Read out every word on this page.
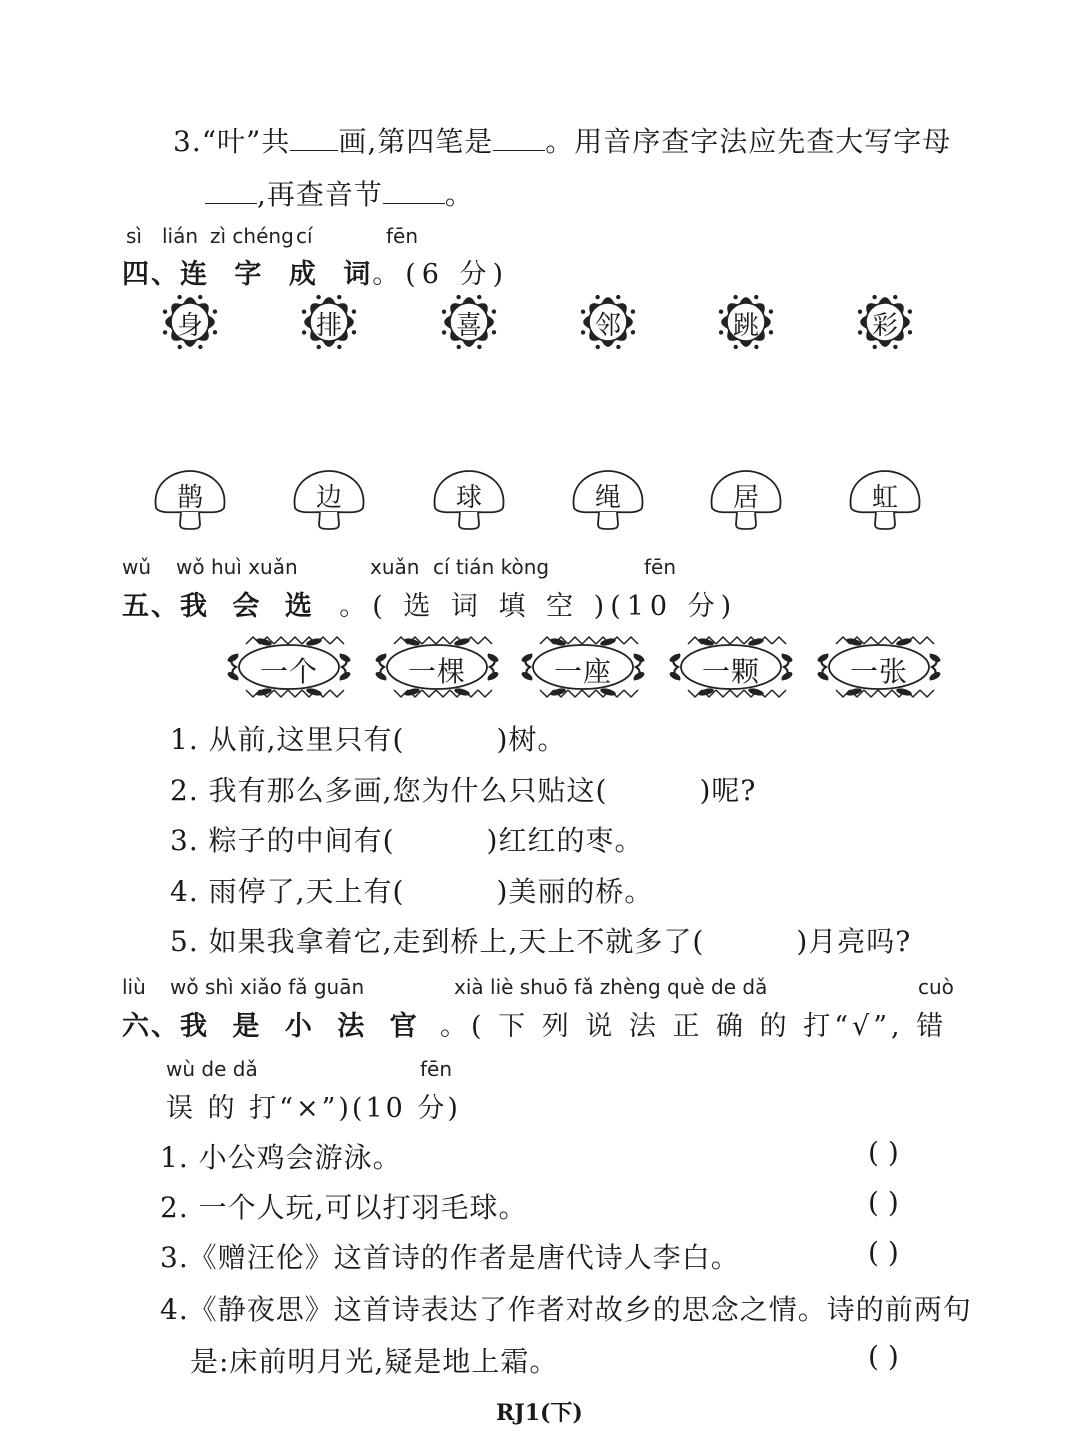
3.“叶”共 画,第四笔是 。用音序查字法应先查大写字母
,再查音节 。
sì lián zì chéng cí	fēn
四、连 字 成 词。(6 分)
身	排	喜	邻	跳	彩
鹊	边	球	绳	居	虹
wǔ wǒ huì xuǎn	xuǎn cí tián kòng	fēn
五、我 会 选 。( 选 词 填 空 )(10 分)
一个	一棵	一座	一颗	一张
1. 从前,这里只有(	)树。
2. 我有那么多画,您为什么只贴这(	)呢?
3. 粽子的中间有(	)红红的枣。
4. 雨停了,天上有(	)美丽的桥。
5. 如果我拿着它,走到桥上,天上不就多了(	)月亮吗?
liù wǒ shì xiǎo fǎ guān	xià liè shuō fǎ zhèng què de dǎ	cuò
六、我 是 小 法 官 。( 下 列 说 法 正 确 的 打“√”, 错
wù de dǎ	fēn
误 的 打“×”)(10 分)
1. 小公鸡会游泳。	( )
2. 一个人玩,可以打羽毛球。	( )
3.《赠汪伦》这首诗的作者是唐代诗人李白。	( )
4.《静夜思》这首诗表达了作者对故乡的思念之情。诗的前两句
是:床前明月光,疑是地上霜。	( )
RJ1(下)
